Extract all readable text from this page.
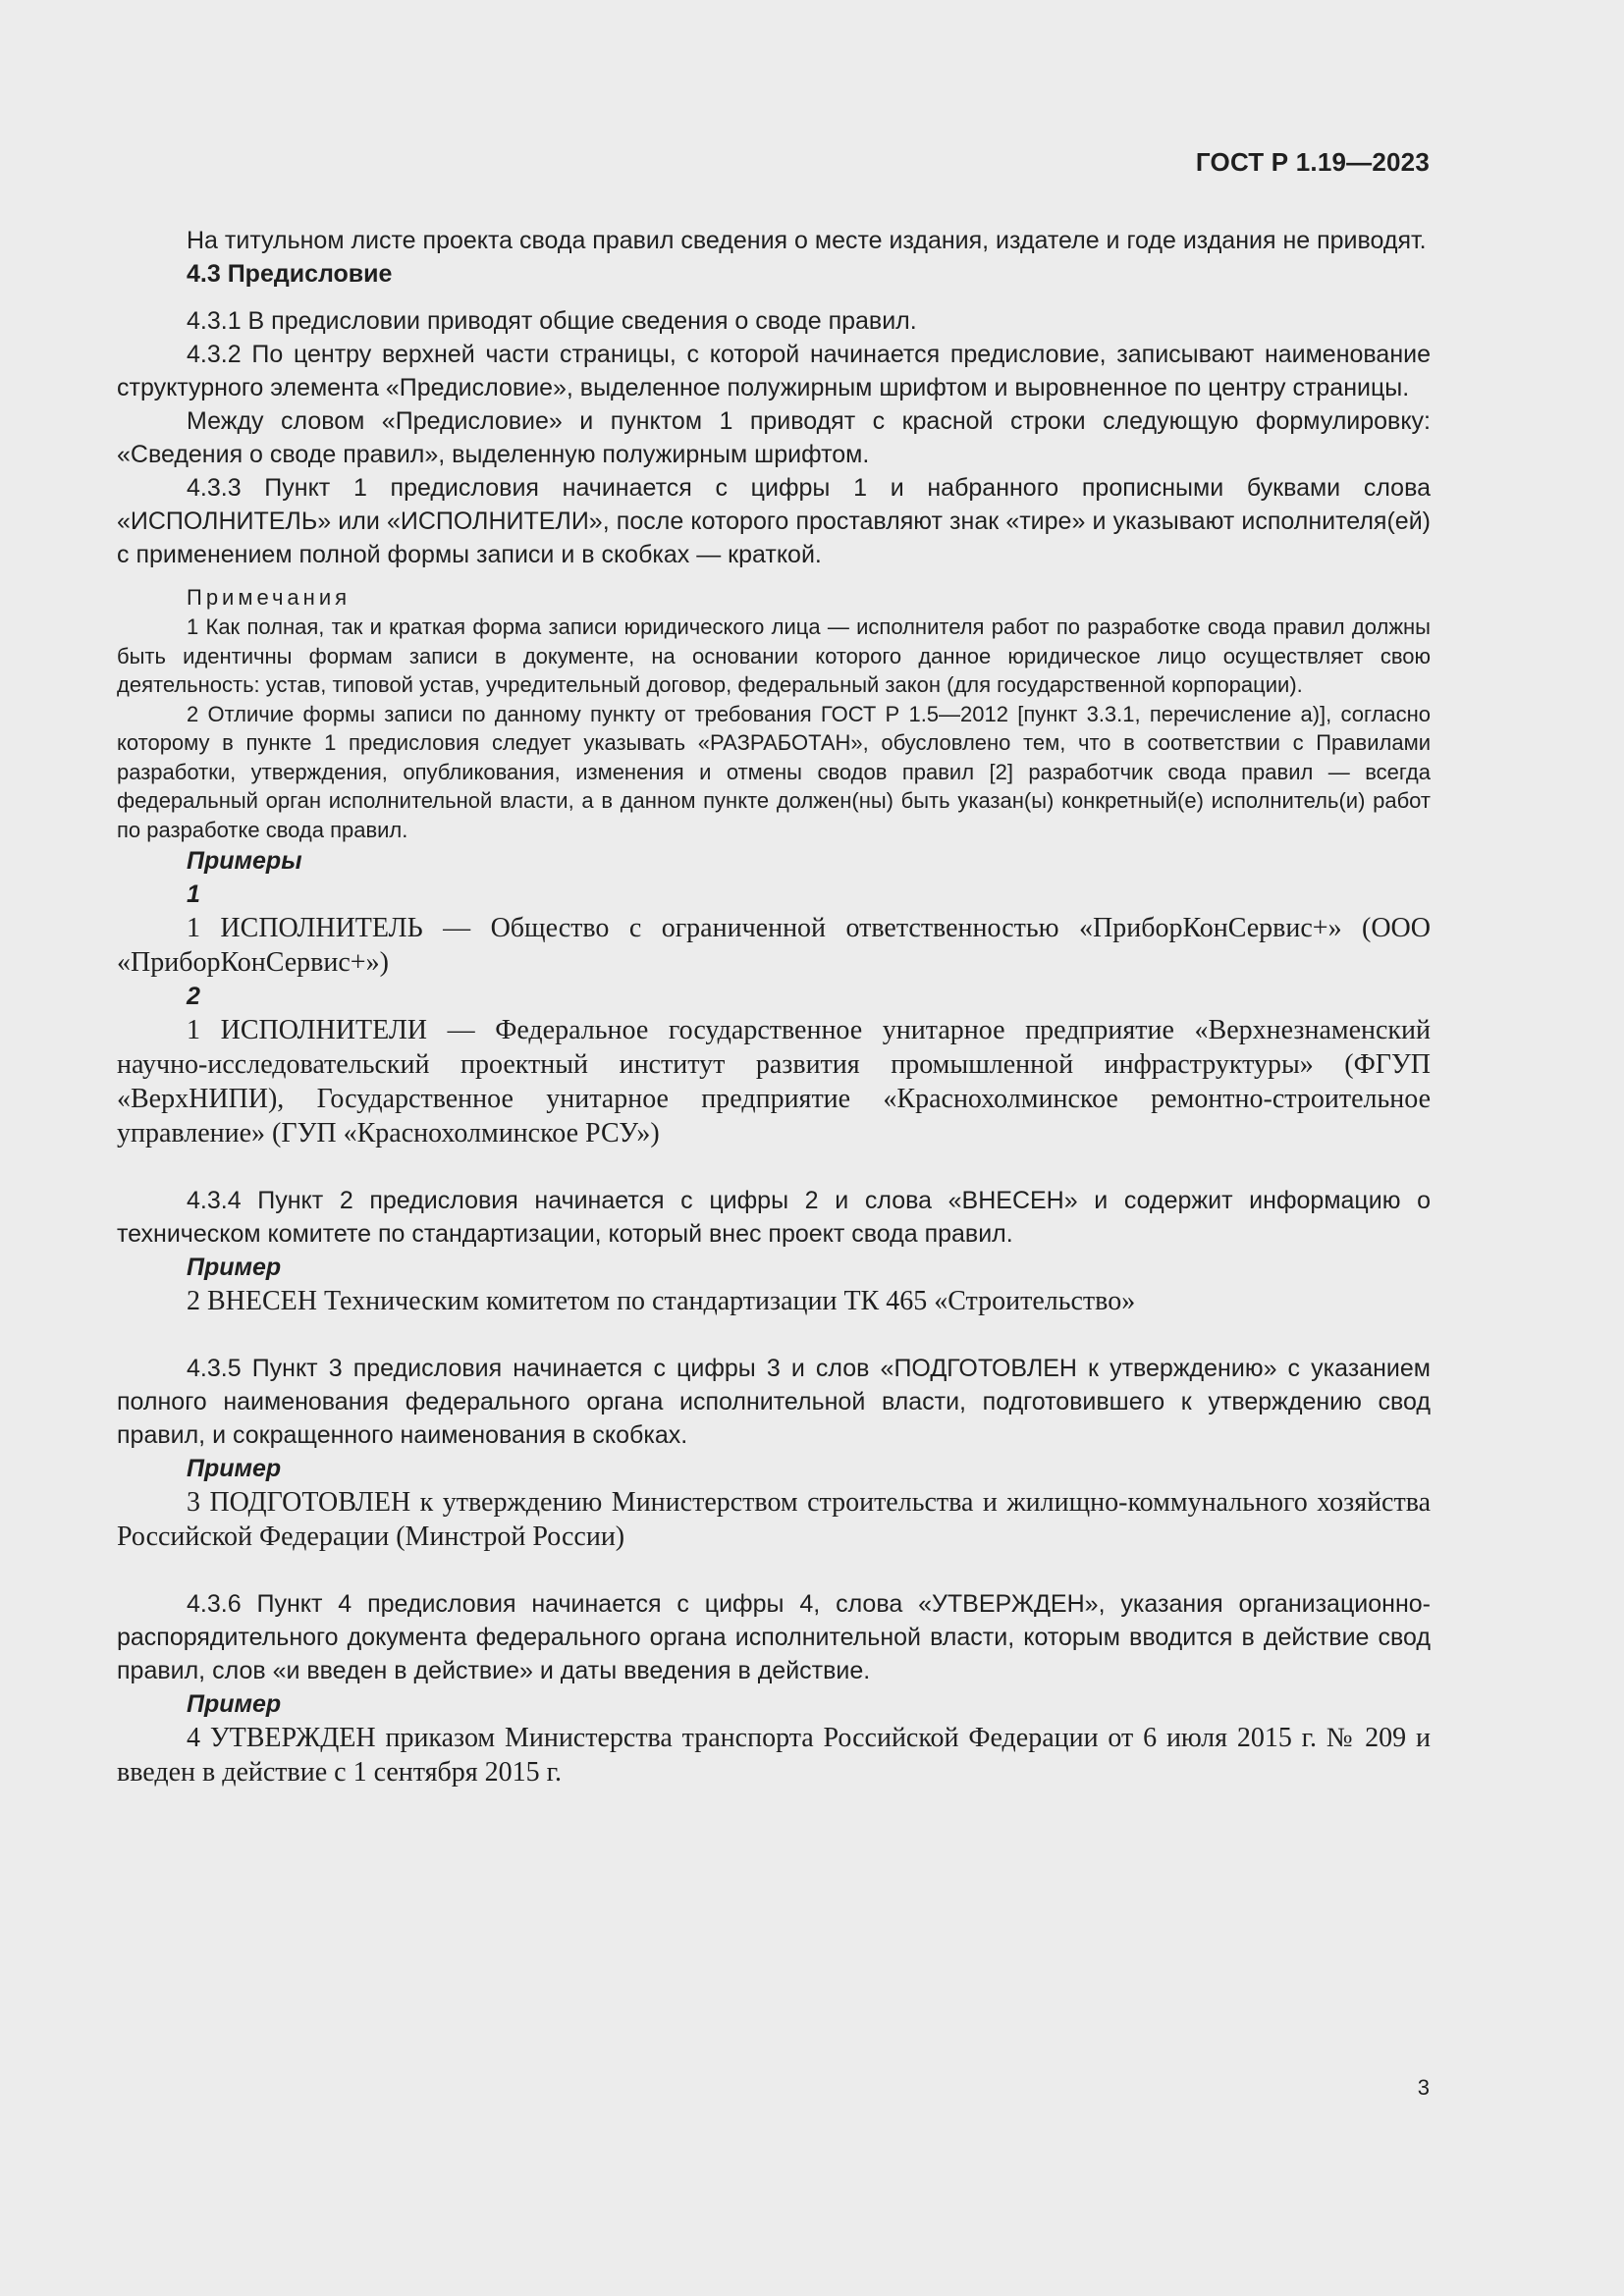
ГОСТ Р 1.19—2023

На титульном листе проекта свода правил сведения о месте издания, издателе и годе издания не приводят.

4.3 Предисловие

4.3.1 В предисловии приводят общие сведения о своде правил.

4.3.2 По центру верхней части страницы, с которой начинается предисловие, записывают наименование структурного элемента «Предисловие», выделенное полужирным шрифтом и выровненное по центру страницы.

Между словом «Предисловие» и пунктом 1 приводят с красной строки следующую формулировку: «Сведения о своде правил», выделенную полужирным шрифтом.

4.3.3 Пункт 1 предисловия начинается с цифры 1 и набранного прописными буквами слова «ИСПОЛНИТЕЛЬ» или «ИСПОЛНИТЕЛИ», после которого проставляют знак «тире» и указывают исполнителя(ей) с применением полной формы записи и в скобках — краткой.

Примечания

1 Как полная, так и краткая форма записи юридического лица — исполнителя работ по разработке свода правил должны быть идентичны формам записи в документе, на основании которого данное юридическое лицо осуществляет свою деятельность: устав, типовой устав, учредительный договор, федеральный закон (для государственной корпорации).

2 Отличие формы записи по данному пункту от требования ГОСТ Р 1.5—2012 [пункт 3.3.1, перечисление а)], согласно которому в пункте 1 предисловия следует указывать «РАЗРАБОТАН», обусловлено тем, что в соответствии с Правилами разработки, утверждения, опубликования, изменения и отмены сводов правил [2] разработчик свода правил — всегда федеральный орган исполнительной власти, а в данном пункте должен(ны) быть указан(ы) конкретный(е) исполнитель(и) работ по разработке свода правил.

Примеры

1

1 ИСПОЛНИТЕЛЬ — Общество с ограниченной ответственностью «ПриборКонСервис+» (ООО «ПриборКонСервис+»)

2

1 ИСПОЛНИТЕЛИ — Федеральное государственное унитарное предприятие «Верхнезнаменский научно-исследовательский проектный институт развития промышленной инфраструктуры» (ФГУП «ВерхНИПИ), Государственное унитарное предприятие «Краснохолминское ремонтно-строительное управление» (ГУП «Краснохолминское РСУ»)

4.3.4 Пункт 2 предисловия начинается с цифры 2 и слова «ВНЕСЕН» и содержит информацию о техническом комитете по стандартизации, который внес проект свода правил.

Пример

2 ВНЕСЕН Техническим комитетом по стандартизации ТК 465 «Строительство»

4.3.5 Пункт 3 предисловия начинается с цифры 3 и слов «ПОДГОТОВЛЕН к утверждению» с указанием полного наименования федерального органа исполнительной власти, подготовившего к утверждению свод правил, и сокращенного наименования в скобках.

Пример

3 ПОДГОТОВЛЕН к утверждению Министерством строительства и жилищно-коммунального хозяйства Российской Федерации (Минстрой России)

4.3.6 Пункт 4 предисловия начинается с цифры 4, слова «УТВЕРЖДЕН», указания организационно-распорядительного документа федерального органа исполнительной власти, которым вводится в действие свод правил, слов «и введен в действие» и даты введения в действие.

Пример

4 УТВЕРЖДЕН приказом Министерства транспорта Российской Федерации от 6 июля 2015 г. № 209 и введен в действие с 1 сентября 2015 г.

3
